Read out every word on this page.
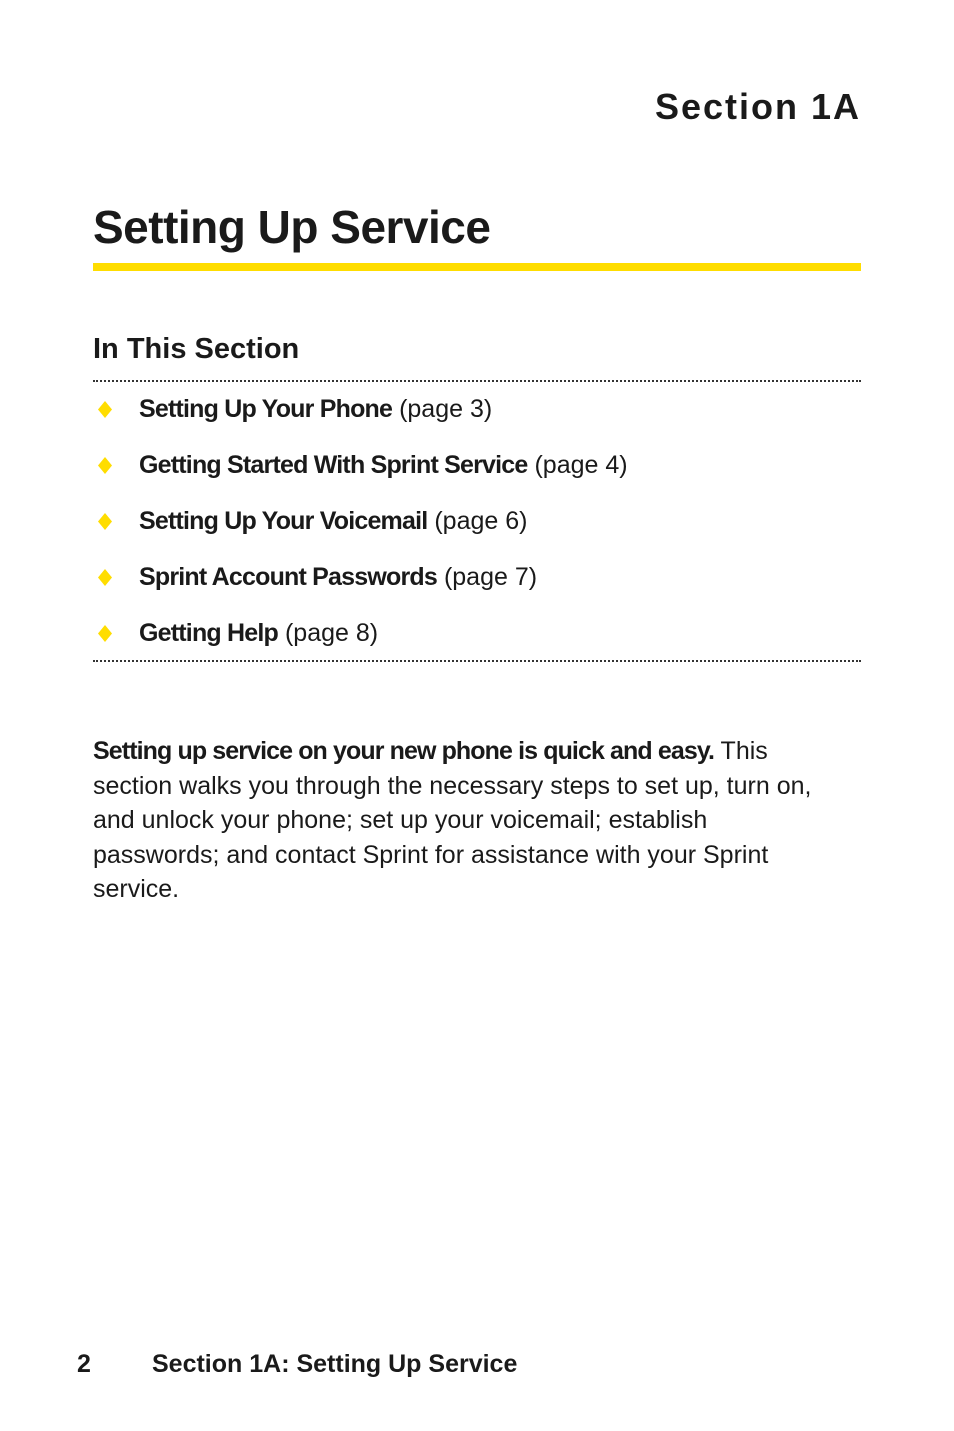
Section 1A
Setting Up Service
In This Section
Setting Up Your Phone (page 3)
Getting Started With Sprint Service (page 4)
Setting Up Your Voicemail (page 6)
Sprint Account Passwords (page 7)
Getting Help (page 8)

Setting up service on your new phone is quick and easy. This section walks you through the necessary steps to set up, turn on, and unlock your phone; set up your voicemail; establish passwords; and contact Sprint for assistance with your Sprint service.

2 Section 1A: Setting Up Service
